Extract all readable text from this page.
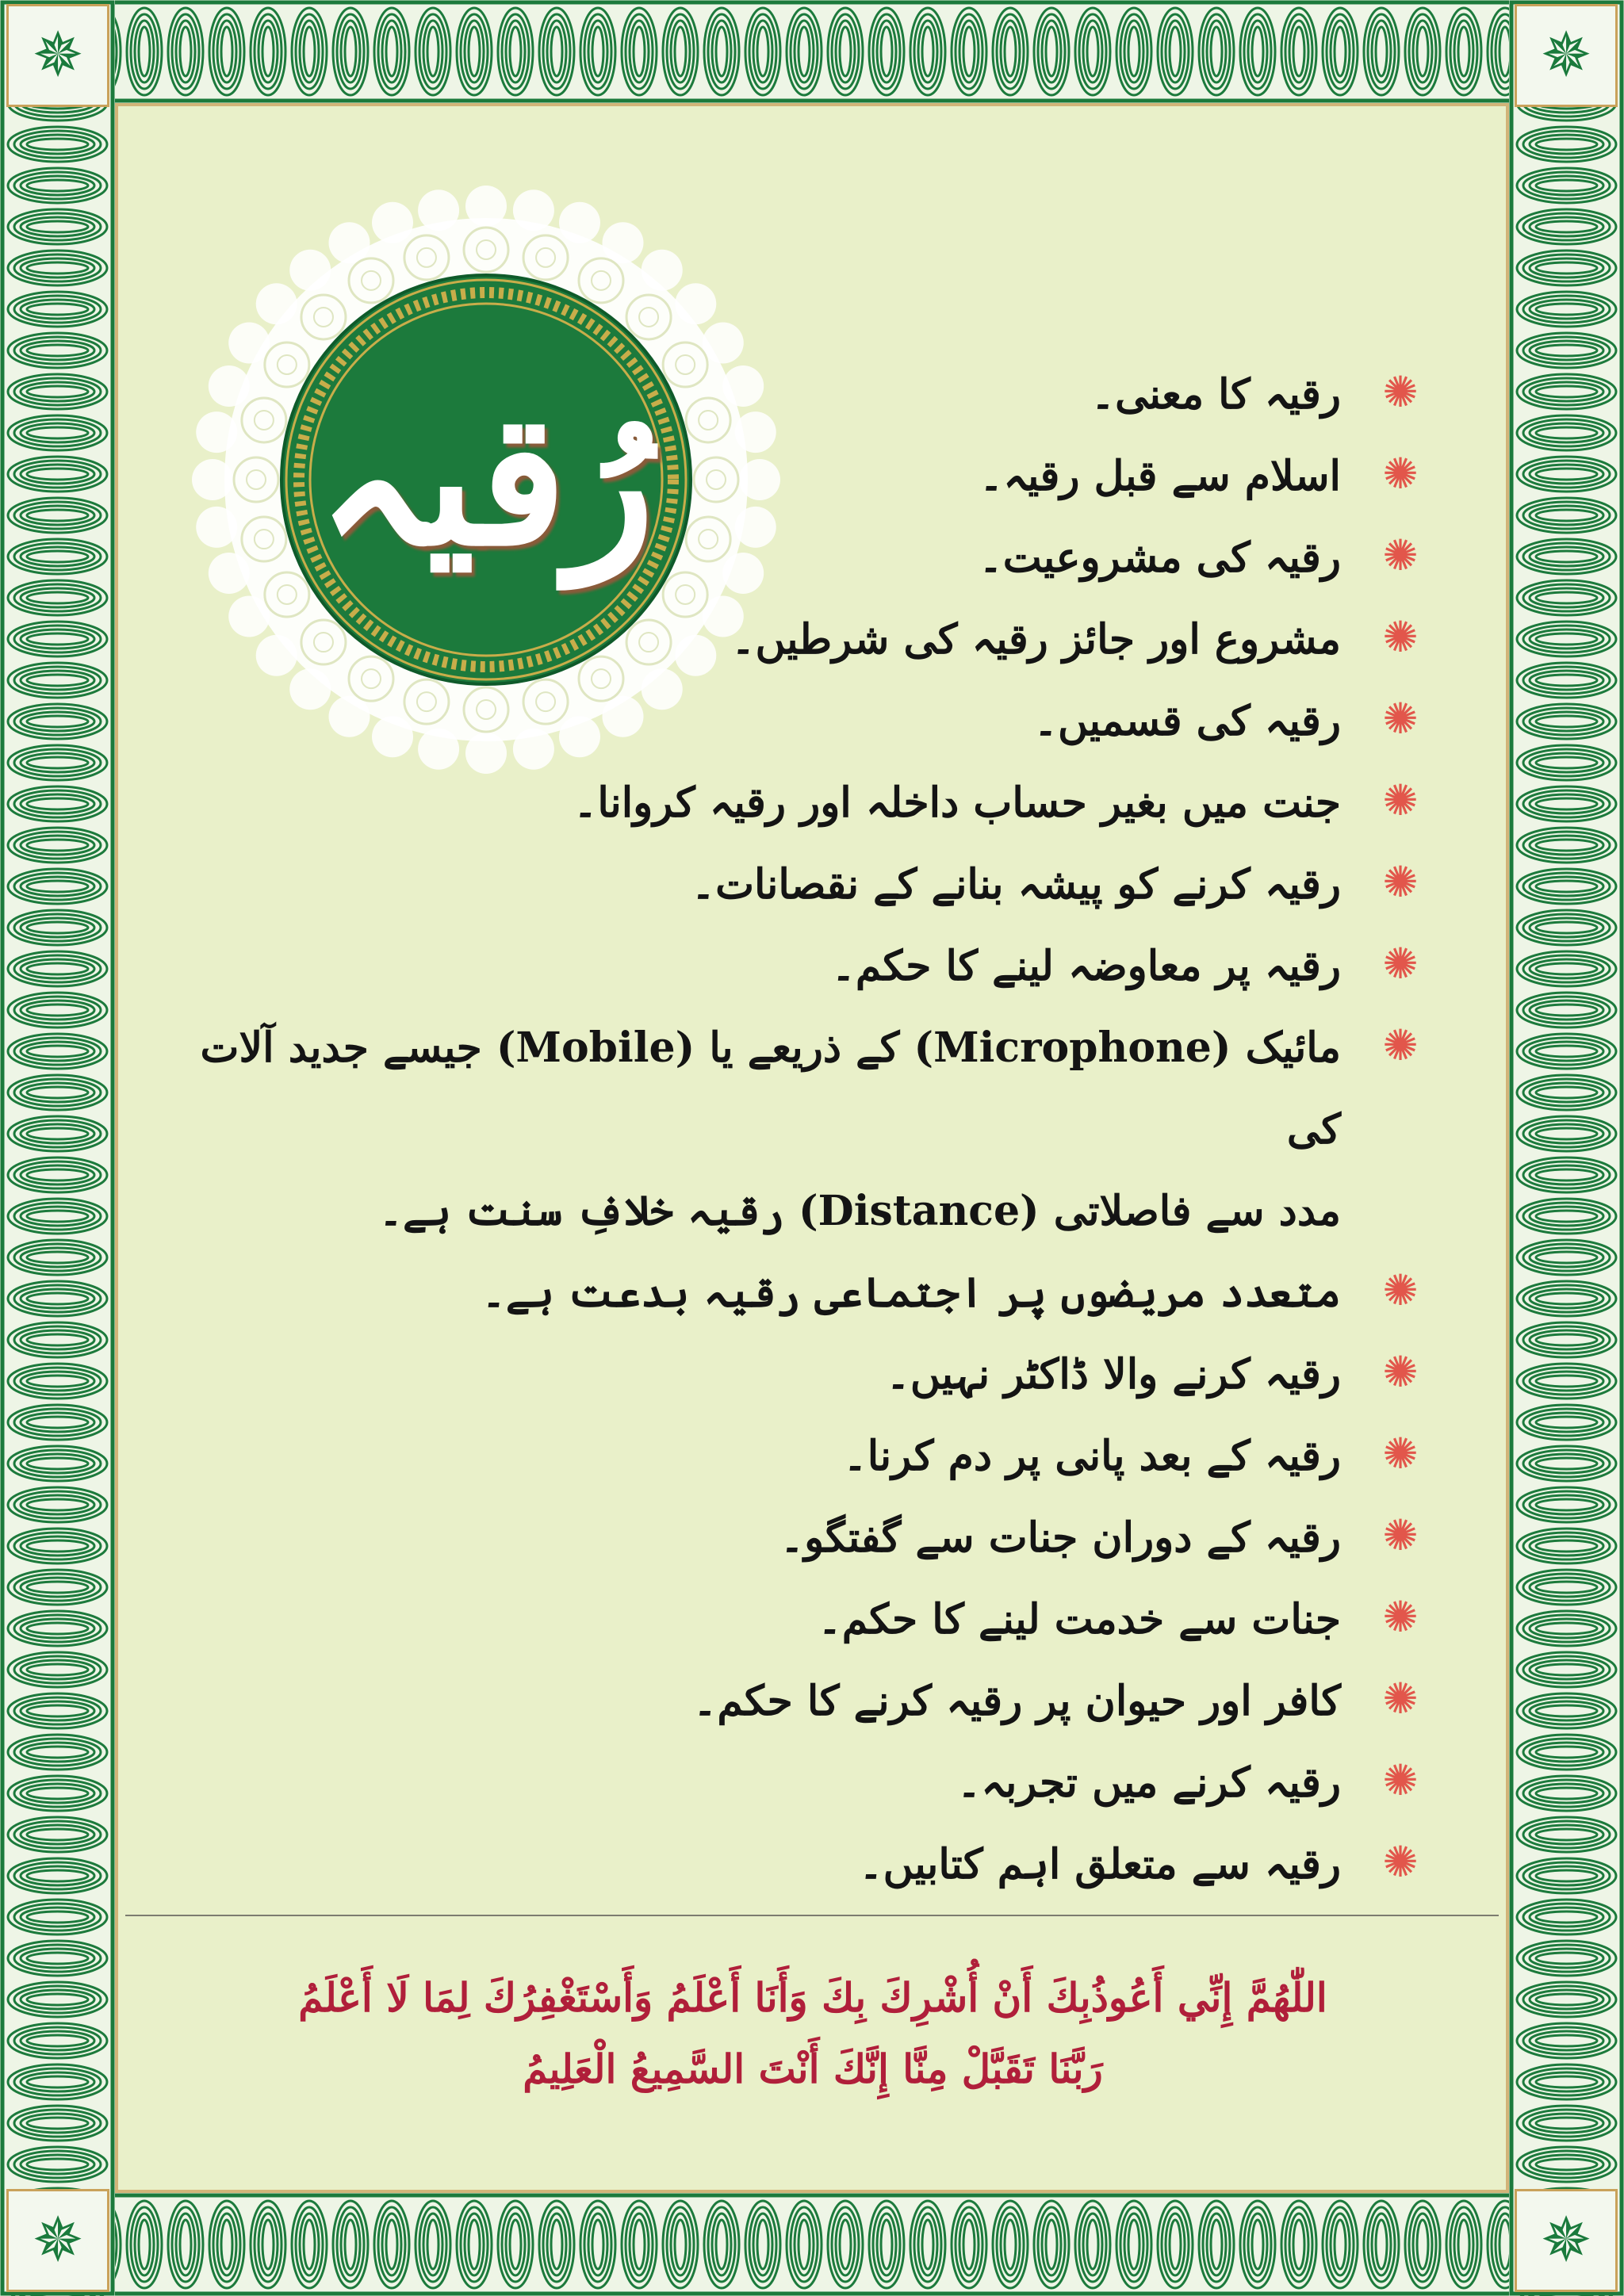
✵	✵
✵	✵
رُقیہ	✺
رقیہ کا معنی۔
✺
اسلام سے قبل رقیہ۔
✺
رقیہ کی مشروعیت۔
✺
مشروع اور جائز رقیہ کی شرطیں۔
✺
رقیہ کی قسمیں۔
✺
جنت میں بغیر حساب داخلہ اور رقیہ کروانا۔
✺
رقیہ کرنے کو پیشہ بنانے کے نقصانات۔
✺
رقیہ پر معاوضہ لینے کا حکم۔
✺
مائیک (Microphone) کے ذریعے یا (Mobile) جیسے جدید آلات کی
مدد سے فاصلاتی (Distance) رقیہ خلافِ سنت ہے۔
✺
متعدد مریضوں پر اجتماعی رقیہ بدعت ہے۔
✺
رقیہ کرنے والا ڈاکٹر نہیں۔
✺
رقیہ کے بعد پانی پر دم کرنا۔
✺
رقیہ کے دوران جنات سے گفتگو۔
✺
جنات سے خدمت لینے کا حکم۔
✺
کافر اور حیوان پر رقیہ کرنے کا حکم۔
✺
رقیہ کرنے میں تجربہ۔
✺
رقیہ سے متعلق اہم کتابیں۔
اللّٰھُمَّ إِنِّي أَعُوذُبِكَ أَنْ أُشْرِكَ بِكَ وَأَنَا أَعْلَمُ وَأَسْتَغْفِرُكَ لِمَا لَا أَعْلَمُ
رَبَّنَا تَقَبَّلْ مِنَّا إِنَّكَ أَنْتَ السَّمِيعُ الْعَلِيمُ
